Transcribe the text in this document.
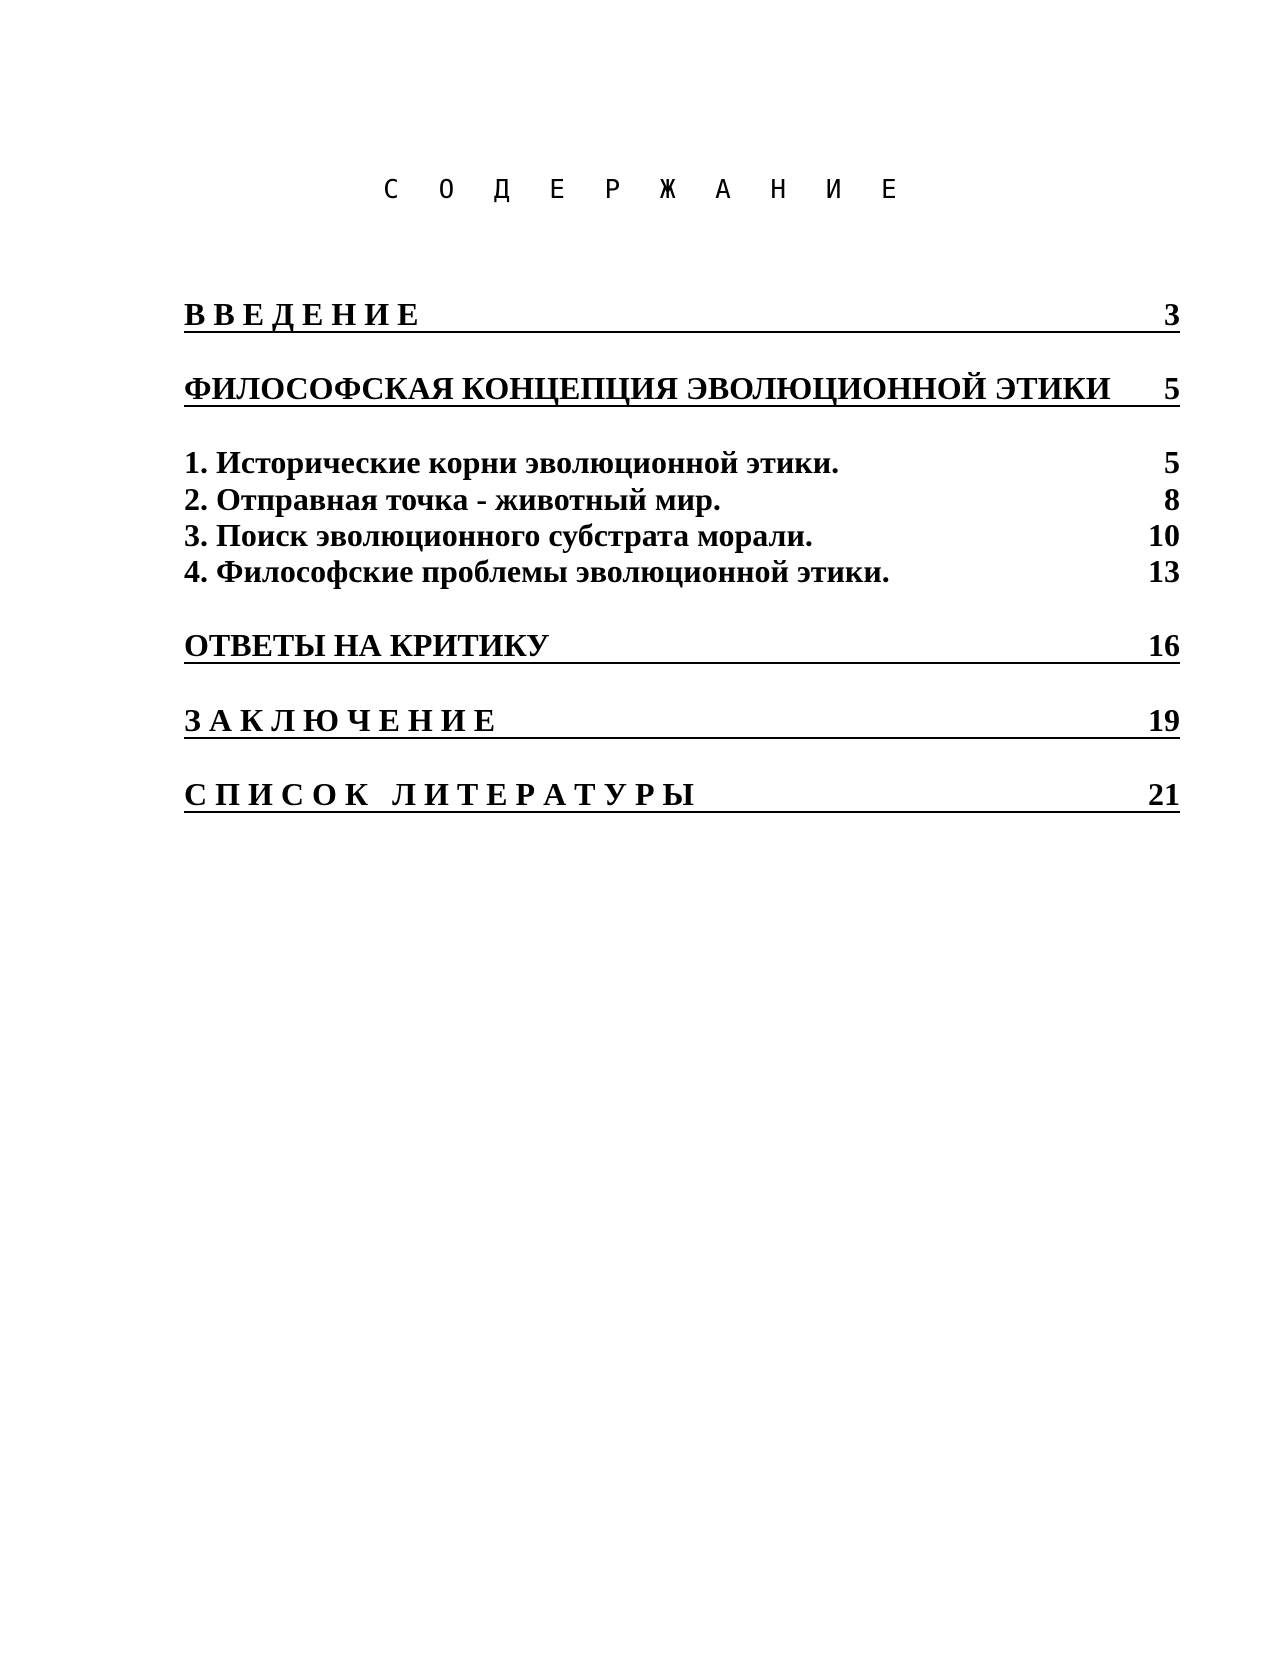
С О Д Е Р Ж А Н И Е
В В Е Д Е Н И Е	3
ФИЛОСОФСКАЯ КОНЦЕПЦИЯ ЭВОЛЮЦИОННОЙ ЭТИКИ 5
1. Исторические корни эволюционной этики.	5
2. Отправная точка - животный мир.	8
3. Поиск эволюционного субстрата морали.	10
4. Философские проблемы эволюционной этики.	13
ОТВЕТЫ НА КРИТИКУ	16
З А К Л Ю Ч Е Н И Е	19
С П И С О К   Л И Т Е Р А Т У Р Ы	21
